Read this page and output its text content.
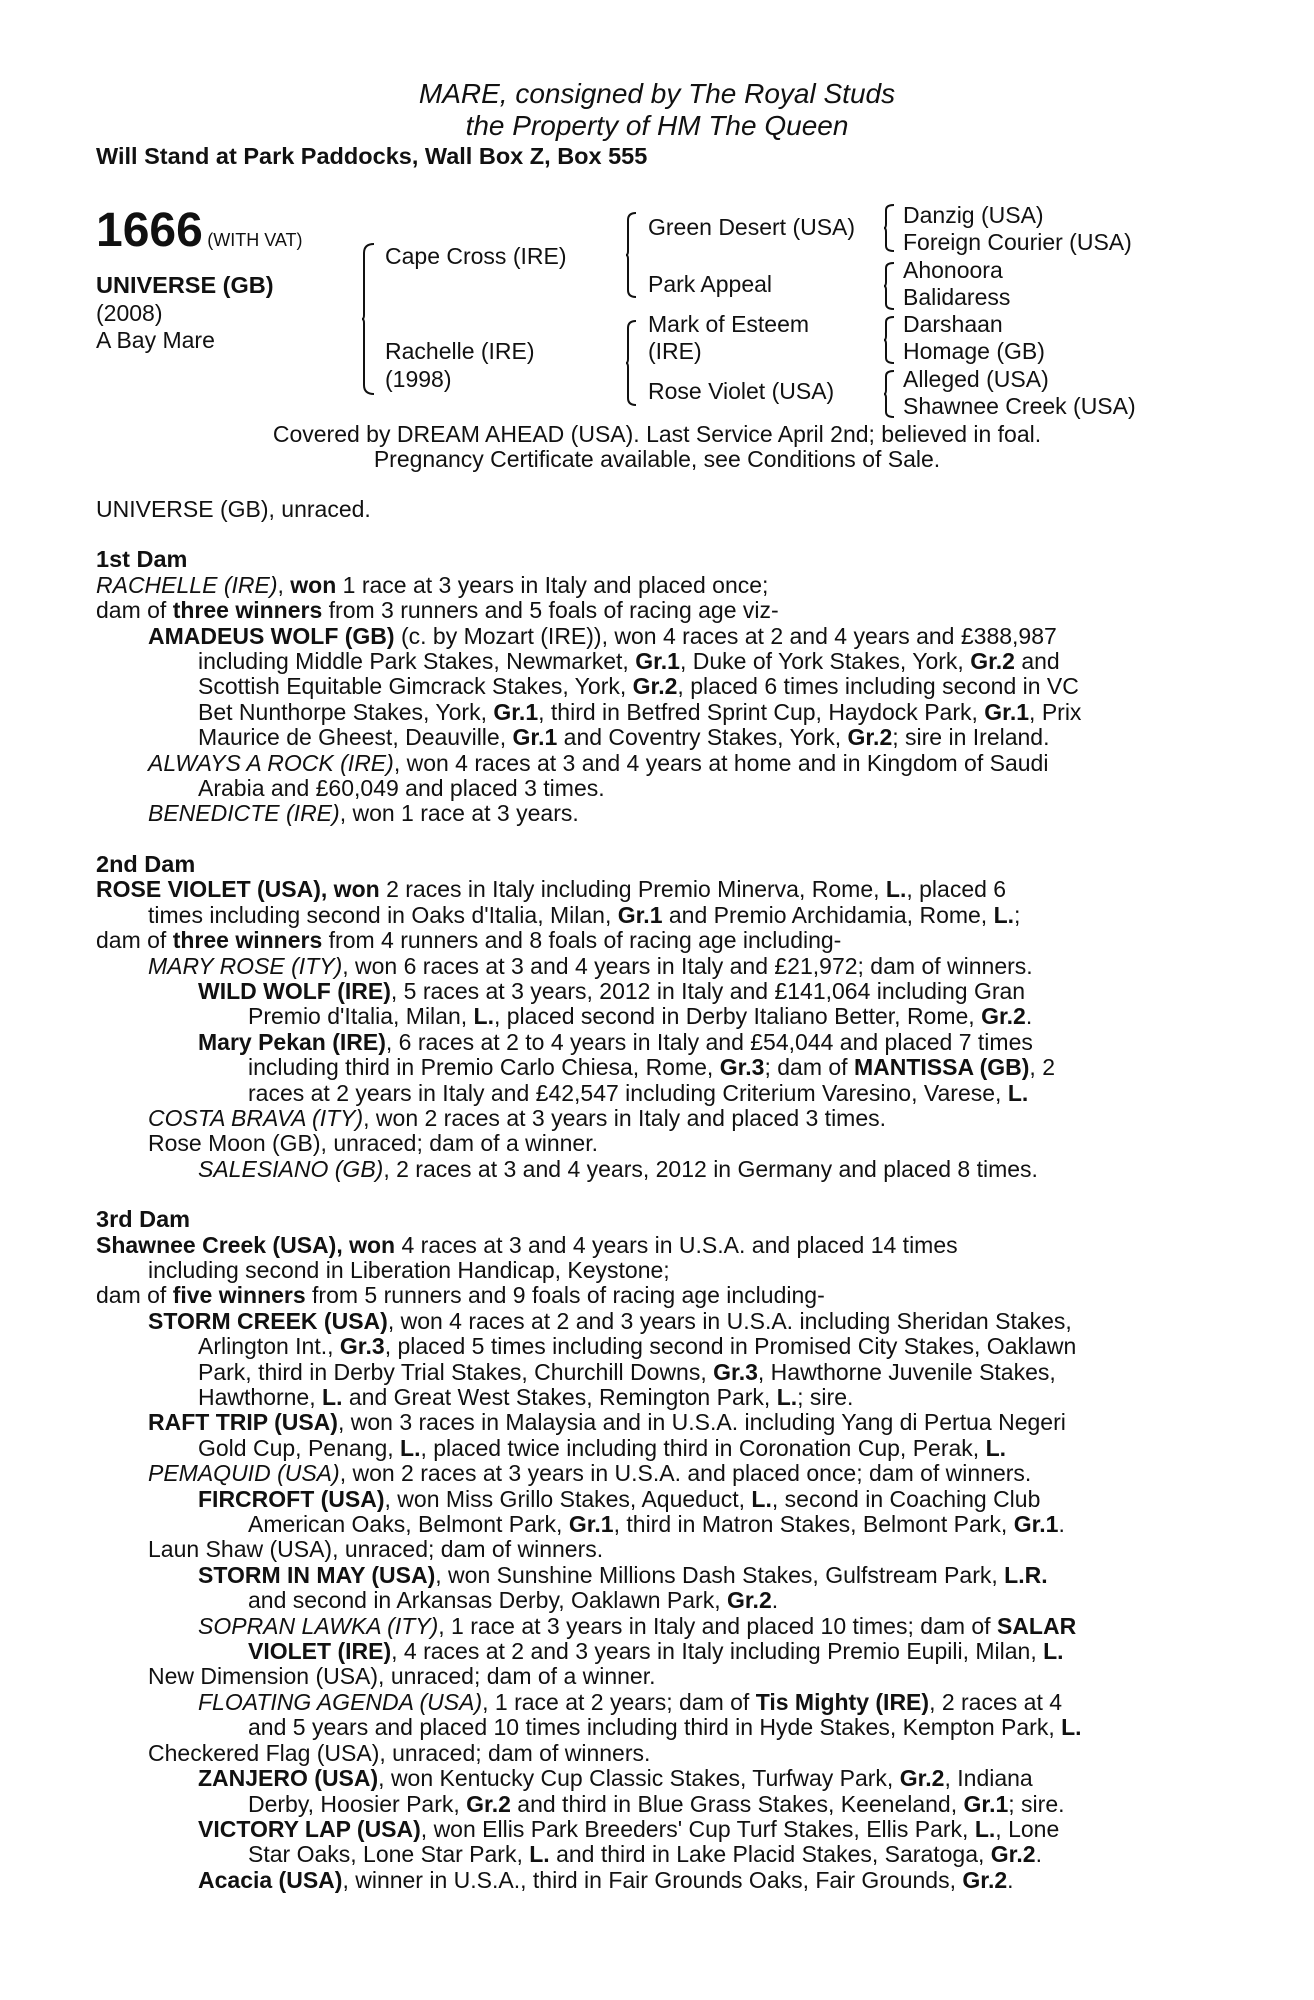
MARE, consigned by The Royal Studs
the Property of HM The Queen
Will Stand at Park Paddocks, Wall Box Z, Box 555
1666 (WITH VAT)
UNIVERSE (GB)
(2008)
A Bay Mare
Cape Cross (IRE)
Rachelle (IRE)
(1998)
Green Desert (USA)
Park Appeal
Mark of Esteem
(IRE)
Rose Violet (USA)
Danzig (USA)
Foreign Courier (USA)
Ahonoora
Balidaress
Darshaan
Homage (GB)
Alleged (USA)
Shawnee Creek (USA)
Covered by DREAM AHEAD (USA). Last Service April 2nd; believed in foal.
Pregnancy Certificate available, see Conditions of Sale.
UNIVERSE (GB), unraced.
1st Dam
RACHELLE (IRE), won 1 race at 3 years in Italy and placed once;
dam of three winners from 3 runners and 5 foals of racing age viz-
AMADEUS WOLF (GB) (c. by Mozart (IRE)), won 4 races at 2 and 4 years and £388,987
including Middle Park Stakes, Newmarket, Gr.1, Duke of York Stakes, York, Gr.2 and
Scottish Equitable Gimcrack Stakes, York, Gr.2, placed 6 times including second in VC
Bet Nunthorpe Stakes, York, Gr.1, third in Betfred Sprint Cup, Haydock Park, Gr.1, Prix
Maurice de Gheest, Deauville, Gr.1 and Coventry Stakes, York, Gr.2; sire in Ireland.
ALWAYS A ROCK (IRE), won 4 races at 3 and 4 years at home and in Kingdom of Saudi
Arabia and £60,049 and placed 3 times.
BENEDICTE (IRE), won 1 race at 3 years.
2nd Dam
ROSE VIOLET (USA), won 2 races in Italy including Premio Minerva, Rome, L., placed 6
times including second in Oaks d'Italia, Milan, Gr.1 and Premio Archidamia, Rome, L.;
dam of three winners from 4 runners and 8 foals of racing age including-
MARY ROSE (ITY), won 6 races at 3 and 4 years in Italy and £21,972; dam of winners.
WILD WOLF (IRE), 5 races at 3 years, 2012 in Italy and £141,064 including Gran
Premio d'Italia, Milan, L., placed second in Derby Italiano Better, Rome, Gr.2.
Mary Pekan (IRE), 6 races at 2 to 4 years in Italy and £54,044 and placed 7 times
including third in Premio Carlo Chiesa, Rome, Gr.3; dam of MANTISSA (GB), 2
races at 2 years in Italy and £42,547 including Criterium Varesino, Varese, L.
COSTA BRAVA (ITY), won 2 races at 3 years in Italy and placed 3 times.
Rose Moon (GB), unraced; dam of a winner.
SALESIANO (GB), 2 races at 3 and 4 years, 2012 in Germany and placed 8 times.
3rd Dam
Shawnee Creek (USA), won 4 races at 3 and 4 years in U.S.A. and placed 14 times
including second in Liberation Handicap, Keystone;
dam of five winners from 5 runners and 9 foals of racing age including-
STORM CREEK (USA), won 4 races at 2 and 3 years in U.S.A. including Sheridan Stakes,
Arlington Int., Gr.3, placed 5 times including second in Promised City Stakes, Oaklawn
Park, third in Derby Trial Stakes, Churchill Downs, Gr.3, Hawthorne Juvenile Stakes,
Hawthorne, L. and Great West Stakes, Remington Park, L.; sire.
RAFT TRIP (USA), won 3 races in Malaysia and in U.S.A. including Yang di Pertua Negeri
Gold Cup, Penang, L., placed twice including third in Coronation Cup, Perak, L.
PEMAQUID (USA), won 2 races at 3 years in U.S.A. and placed once; dam of winners.
FIRCROFT (USA), won Miss Grillo Stakes, Aqueduct, L., second in Coaching Club
American Oaks, Belmont Park, Gr.1, third in Matron Stakes, Belmont Park, Gr.1.
Laun Shaw (USA), unraced; dam of winners.
STORM IN MAY (USA), won Sunshine Millions Dash Stakes, Gulfstream Park, L.R.
and second in Arkansas Derby, Oaklawn Park, Gr.2.
SOPRAN LAWKA (ITY), 1 race at 3 years in Italy and placed 10 times; dam of SALAR
VIOLET (IRE), 4 races at 2 and 3 years in Italy including Premio Eupili, Milan, L.
New Dimension (USA), unraced; dam of a winner.
FLOATING AGENDA (USA), 1 race at 2 years; dam of Tis Mighty (IRE), 2 races at 4
and 5 years and placed 10 times including third in Hyde Stakes, Kempton Park, L.
Checkered Flag (USA), unraced; dam of winners.
ZANJERO (USA), won Kentucky Cup Classic Stakes, Turfway Park, Gr.2, Indiana
Derby, Hoosier Park, Gr.2 and third in Blue Grass Stakes, Keeneland, Gr.1; sire.
VICTORY LAP (USA), won Ellis Park Breeders' Cup Turf Stakes, Ellis Park, L., Lone
Star Oaks, Lone Star Park, L. and third in Lake Placid Stakes, Saratoga, Gr.2.
Acacia (USA), winner in U.S.A., third in Fair Grounds Oaks, Fair Grounds, Gr.2.
